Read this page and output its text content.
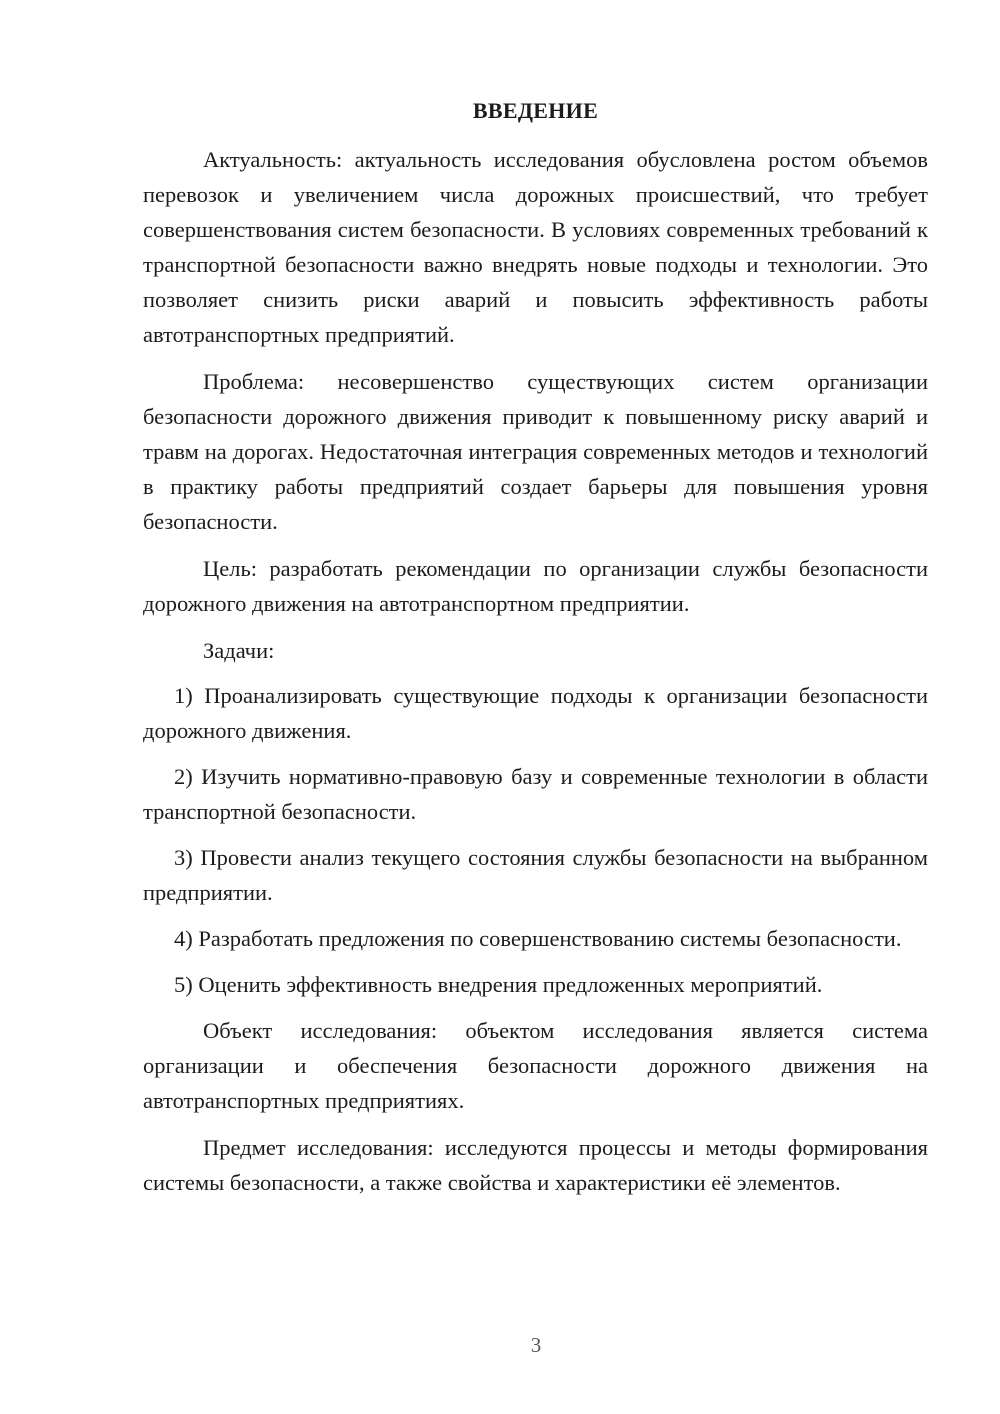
ВВЕДЕНИЕ

Актуальность: актуальность исследования обусловлена ростом объемов перевозок и увеличением числа дорожных происшествий, что требует совершенствования систем безопасности. В условиях современных требований к транспортной безопасности важно внедрять новые подходы и технологии. Это позволяет снизить риски аварий и повысить эффективность работы автотранспортных предприятий.

Проблема: несовершенство существующих систем организации безопасности дорожного движения приводит к повышенному риску аварий и травм на дорогах. Недостаточная интеграция современных методов и технологий в практику работы предприятий создает барьеры для повышения уровня безопасности.

Цель: разработать рекомендации по организации службы безопасности дорожного движения на автотранспортном предприятии.

Задачи:

1) Проанализировать существующие подходы к организации безопасности дорожного движения.

2) Изучить нормативно-правовую базу и современные технологии в области транспортной безопасности.

3) Провести анализ текущего состояния службы безопасности на выбранном предприятии.

4) Разработать предложения по совершенствованию системы безопасности.

5) Оценить эффективность внедрения предложенных мероприятий.

Объект исследования: объектом исследования является система организации и обеспечения безопасности дорожного движения на автотранспортных предприятиях.

Предмет исследования: исследуются процессы и методы формирования системы безопасности, а также свойства и характеристики её элементов.

3
